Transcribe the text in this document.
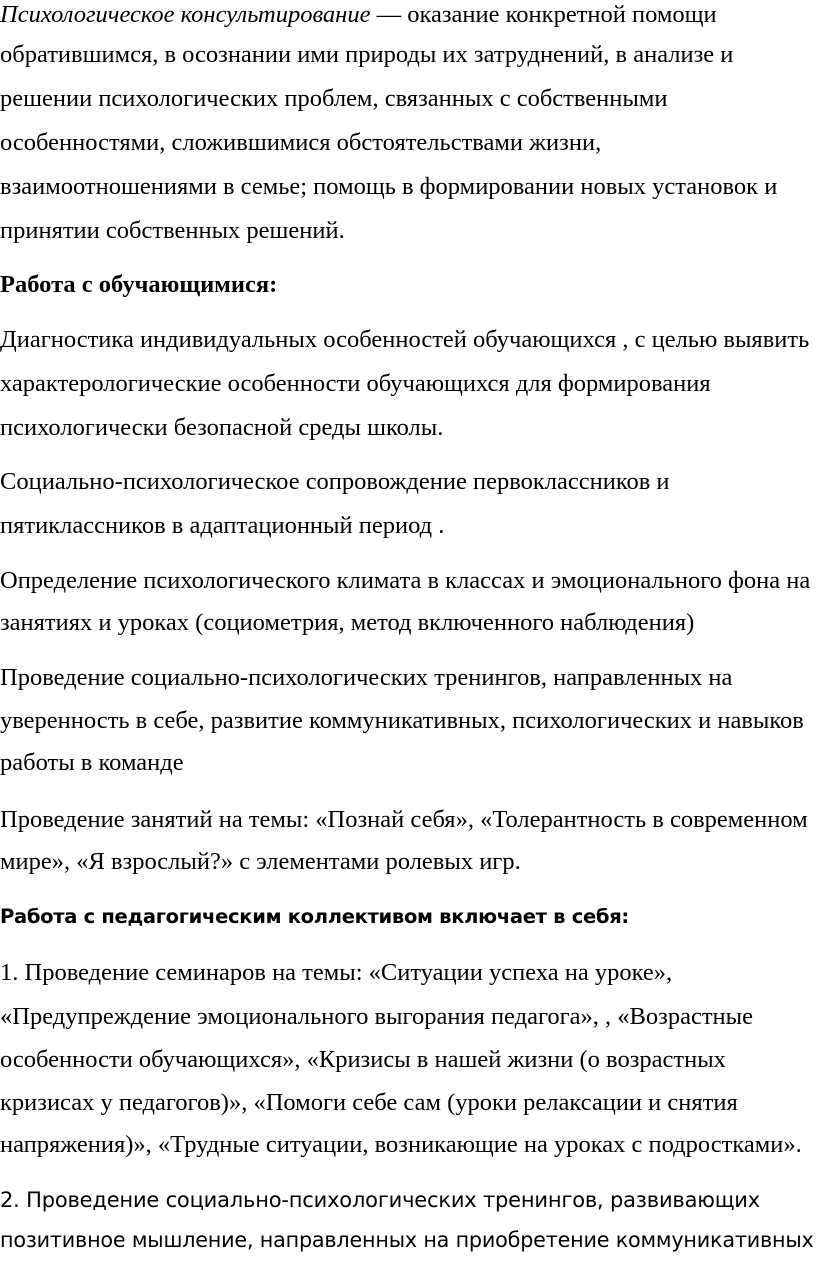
Психологическое консультирование — оказание конкретной помощи
обратившимся, в осознании ими природы их затруднений, в анализе и
решении психологических проблем, связанных с собственными
особенностями, сложившимися обстоятельствами жизни,
взаимоотношениями в семье; помощь в формировании новых установок и
принятии собственных решений.
Работа с обучающимися:
Диагностика индивидуальных особенностей обучающихся , с целью выявить
характерологические особенности обучающихся для формирования
психологически безопасной среды школы.
Социально-психологическое сопровождение первоклассников и
пятиклассников в адаптационный период .
Определение психологического климата в классах и эмоционального фона на
занятиях и уроках (социометрия, метод включенного наблюдения)
Проведение социально-психологических тренингов, направленных на
уверенность в себе, развитие коммуникативных, психологических и навыков
работы в команде
Проведение занятий на темы: «Познай себя», «Толерантность в современном
мире», «Я взрослый?» с элементами ролевых игр.
Работа с педагогическим коллективом включает в себя:
1. Проведение семинаров на темы: «Ситуации успеха на уроке»,
«Предупреждение эмоционального выгорания педагога», , «Возрастные
особенности обучающихся», «Кризисы в нашей жизни (о возрастных
кризисах у педагогов)», «Помоги себе сам (уроки релаксации и снятия
напряжения)», «Трудные ситуации, возникающие на уроках с подростками».
2. Проведение социально-психологических тренингов, развивающих
позитивное мышление, направленных на приобретение коммуникативных
